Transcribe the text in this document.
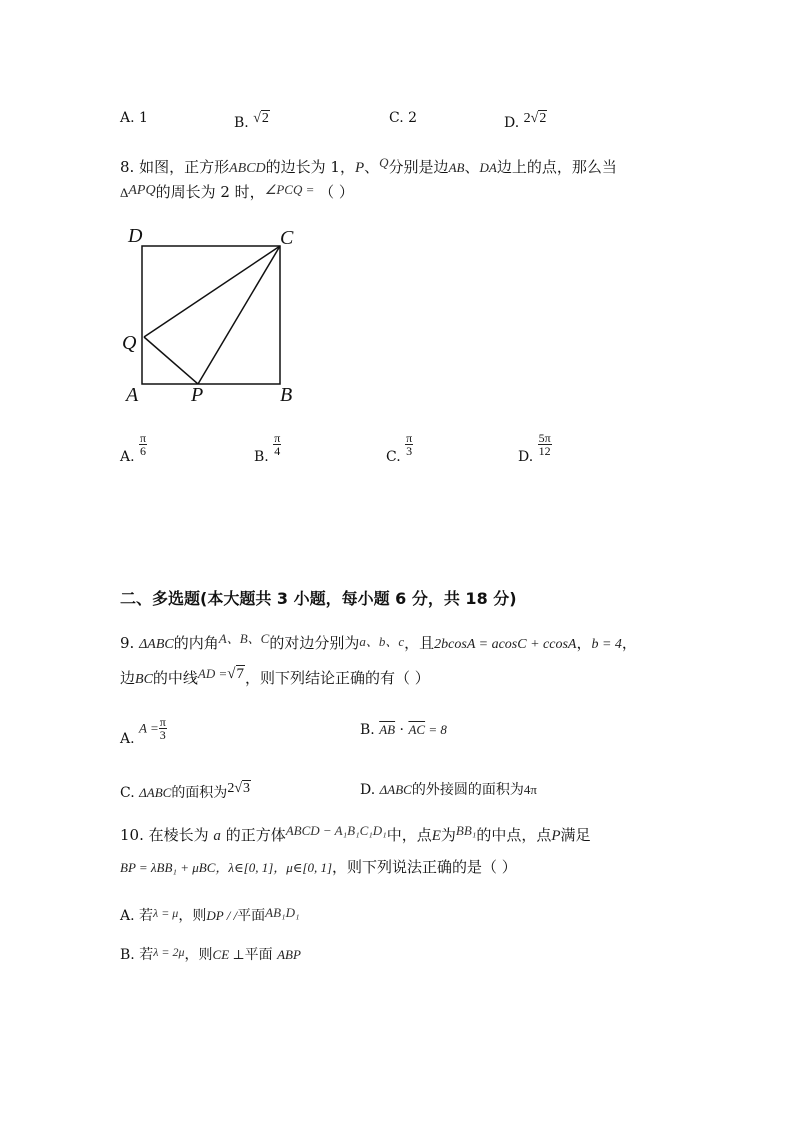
A. 1	B. √2	C. 2	D. 2√2
8. 如图，正方形ABCD的边长为 1，P、Q分别是边AB、DA边上的点，那么当
ΔAPQ的周长为 2 时，∠PCQ = （ ）
D	C
Q
A	P	B
A. $\frac{\pi}{6}$	B. $\frac{\pi}{4}$	C. $\frac{\pi}{3}$	D. $\frac{5\pi}{12}$
二、多选题(本大题共 3 小题，每小题 6 分，共 18 分)
9. ΔABC的内角A、B、C的对边分别为a、b、c，且2bcosA = acosC + ccosA，b = 4，
边BC的中线AD =√7，则下列结论正确的有（ ）
A. $A = \frac{\pi}{3}$	B. $\overline{AB} \cdot \overline{AC} = 8$
C. ΔABC的面积为2√3	D. ΔABC的外接圆的面积为4π
10. 在棱长为 a 的正方体ABCD − A₁B₁C₁D₁中，点E为BB₁的中点，点P满足
BP = λBB₁ + μBC，λ∈[0, 1]，μ∈[0, 1]，则下列说法正确的是（ ）
A. 若λ = μ，则DP / /平面AB₁D₁
B. 若λ = 2μ，则CE ⊥平面 ABP
